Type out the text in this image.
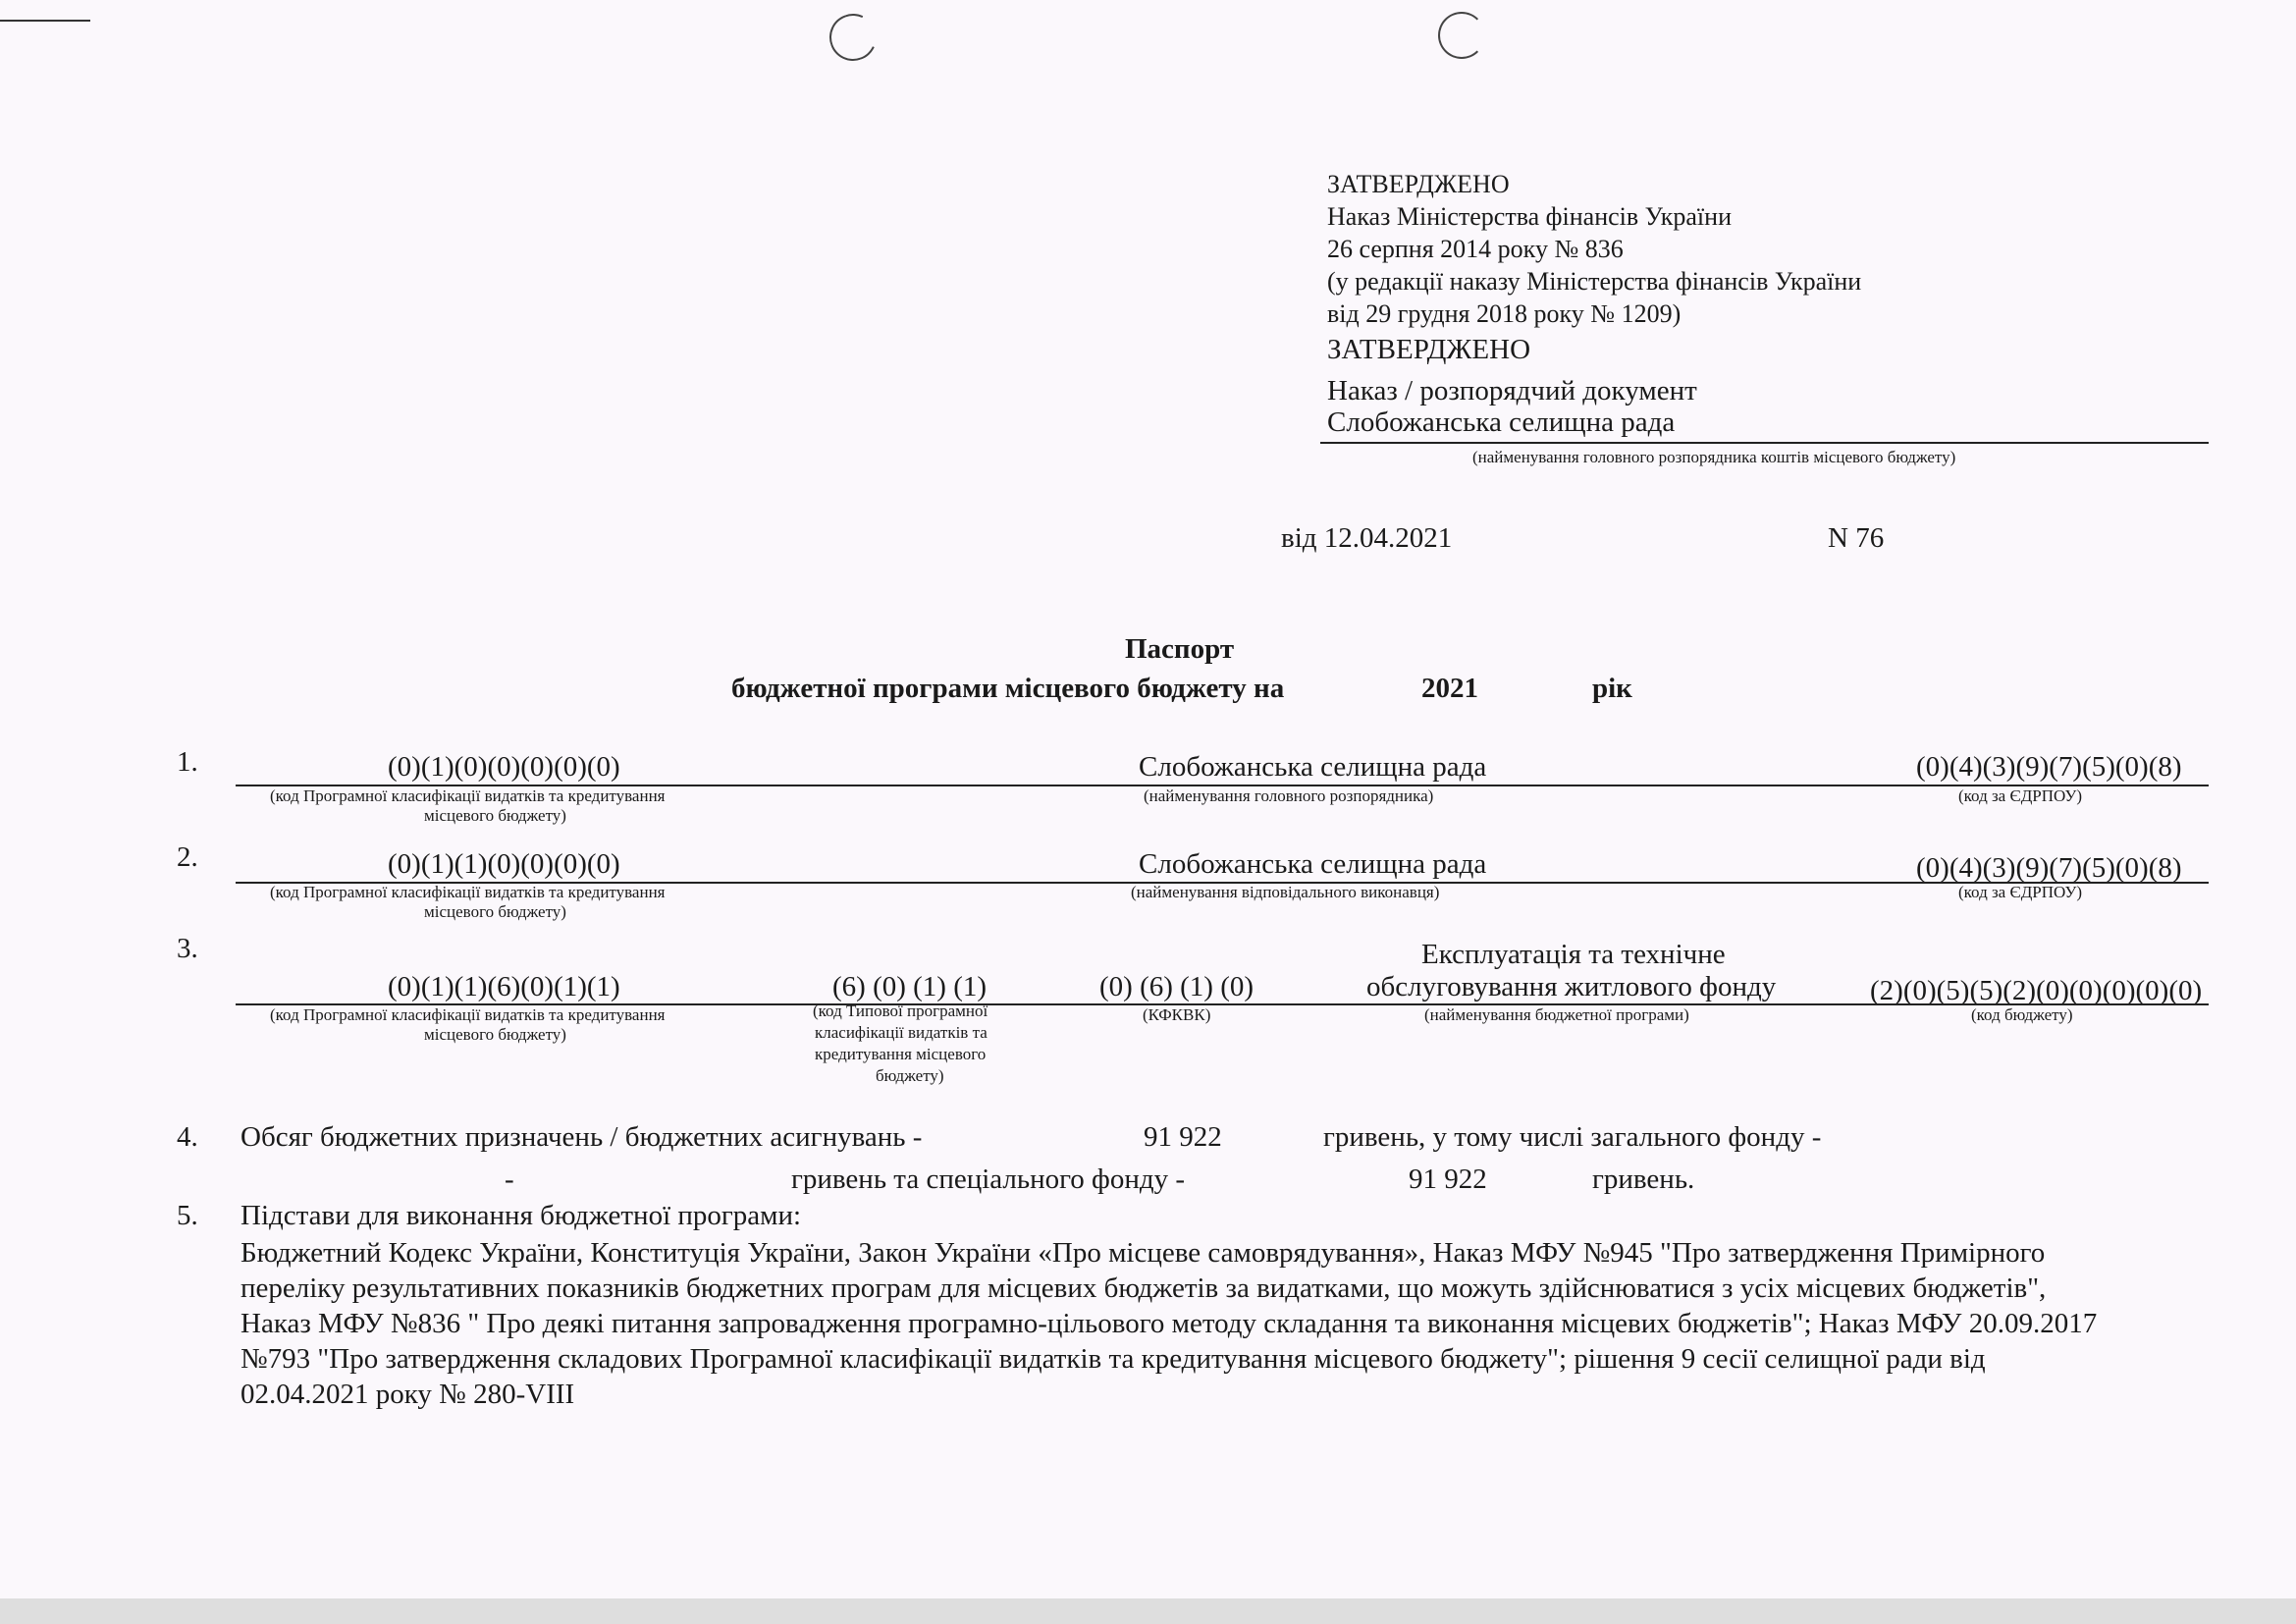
ЗАТВЕРДЖЕНО
Наказ Міністерства фінансів України
26 серпня 2014 року № 836
(у редакції наказу Міністерства фінансів України
від 29 грудня 2018 року № 1209)
ЗАТВЕРДЖЕНО
Наказ / розпорядчий документ
Слобожанська селищна рада
(найменування головного розпорядника коштів місцевого бюджету)
від 12.04.2021	N 76
Паспорт
бюджетної програми місцевого бюджету на	2021	рік
1.	(0)(1)(0)(0)(0)(0)(0)	Слобожанська селищна рада	(0)(4)(3)(9)(7)(5)(0)(8)
(код Програмної класифікації видатків та кредитування
місцевого бюджету)
(найменування головного розпорядника)	(код за ЄДРПОУ)
2.	(0)(1)(1)(0)(0)(0)(0)	Слобожанська селищна рада	(0)(4)(3)(9)(7)(5)(0)(8)
(код Програмної класифікації видатків та кредитування
місцевого бюджету)
(найменування відповідального виконавця)	(код за ЄДРПОУ)
3.	Експлуатація та технічне
(0)(1)(1)(6)(0)(1)(1)	(6) (0) (1) (1)	(0) (6) (1) (0)	обслуговування житлового фонду	(2)(0)(5)(5)(2)(0)(0)(0)(0)(0)
(код Програмної класифікації видатків та кредитування
місцевого бюджету)
(код Типової програмної
класифікації видатків та
кредитування місцевого
бюджету)
(КФКВК)	(найменування бюджетної програми)	(код бюджету)
4. Обсяг бюджетних призначень / бюджетних асигнувань -	91 922	гривень, у тому числі загального фонду -
-	гривень та спеціального фонду -	91 922	гривень.
5. Підстави для виконання бюджетної програми:
Бюджетний Кодекс України, Конституція України, Закон України «Про місцеве самоврядування», Наказ МФУ №945 "Про затвердження Примірного
переліку результативних показників бюджетних програм для місцевих бюджетів за видатками, що можуть здійснюватися з усіх місцевих бюджетів",
Наказ МФУ №836 " Про деякі питання запровадження програмно-цільового методу складання та виконання місцевих бюджетів"; Наказ МФУ 20.09.2017
№793 "Про затвердження складових Програмної класифікації видатків та кредитування місцевого бюджету"; рішення 9 сесії селищної ради від
02.04.2021 року № 280-VIII
